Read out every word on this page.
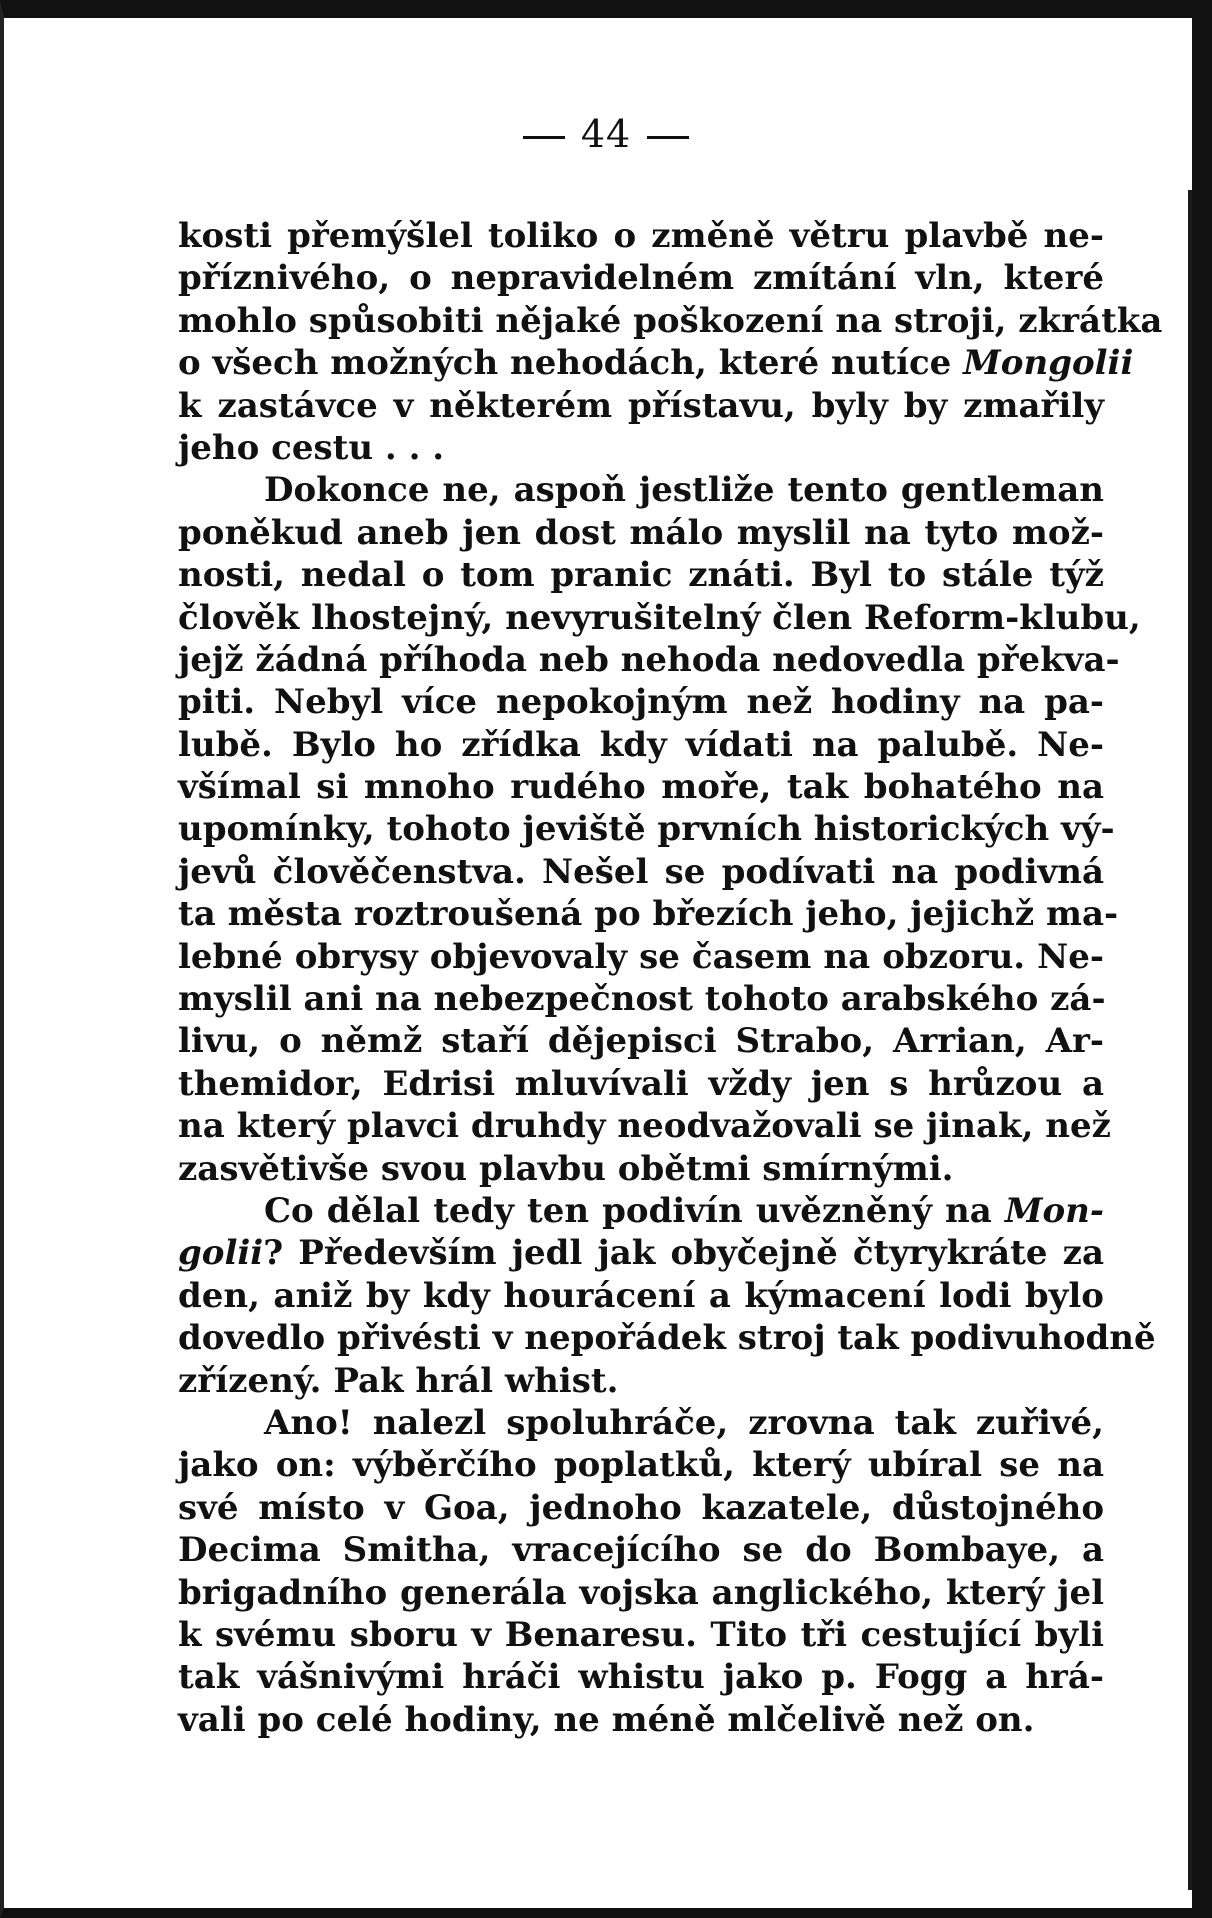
44
kosti přemýšlel toliko o změně větru plavbě ne-
příznivého, o nepravidelném zmítání vln, které
mohlo spůsobiti nějaké poškození na stroji, zkrátka
o všech možných nehodách, které nutíce Mongolii
k zastávce v některém přístavu, byly by zmařily
jeho cestu . . .
Dokonce ne, aspoň jestliže tento gentleman
poněkud aneb jen dost málo myslil na tyto mož-
nosti, nedal o tom pranic znáti. Byl to stále týž
člověk lhostejný, nevyrušitelný člen Reform-klubu,
jejž žádná příhoda neb nehoda nedovedla překva-
piti. Nebyl více nepokojným než hodiny na pa-
lubě. Bylo ho zřídka kdy vídati na palubě. Ne-
všímal si mnoho rudého moře, tak bohatého na
upomínky, tohoto jeviště prvních historických vý-
jevů člověčenstva. Nešel se podívati na podivná
ta města roztroušená po březích jeho, jejichž ma-
lebné obrysy objevovaly se časem na obzoru. Ne-
myslil ani na nebezpečnost tohoto arabského zá-
livu, o němž staří dějepisci Strabo, Arrian, Ar-
themidor, Edrisi mluvívali vždy jen s hrůzou a
na který plavci druhdy neodvažovali se jinak, než
zasvětivše svou plavbu obětmi smírnými.
Co dělal tedy ten podivín uvězněný na Mon-
golii? Především jedl jak obyčejně čtyrykráte za
den, aniž by kdy hourácení a kýmacení lodi bylo
dovedlo přivésti v nepořádek stroj tak podivuhodně
zřízený. Pak hrál whist.
Ano! nalezl spoluhráče, zrovna tak zuřivé,
jako on: výběrčího poplatků, který ubíral se na
své místo v Goa, jednoho kazatele, důstojného
Decima Smitha, vracejícího se do Bombaye, a
brigadního generála vojska anglického, který jel
k svému sboru v Benaresu. Tito tři cestující byli
tak vášnivými hráči whistu jako p. Fogg a hrá-
vali po celé hodiny, ne méně mlčelivě než on.
